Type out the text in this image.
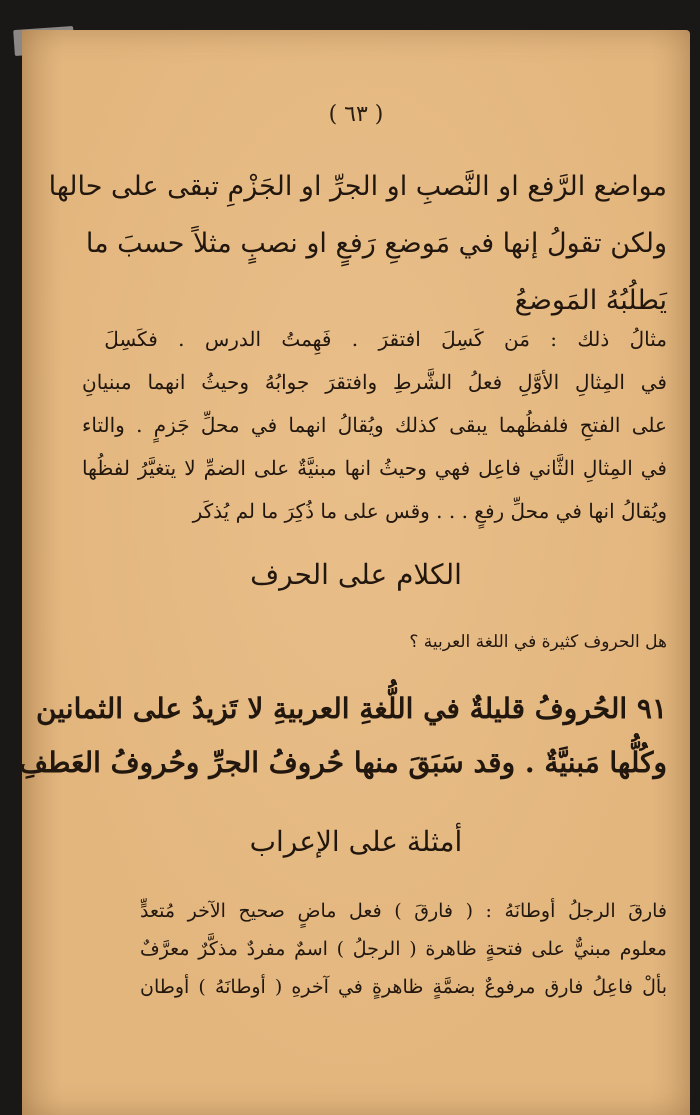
( ٦٣ )
مواضع الرَّفع او النَّصبِ او الجرِّ او الجَزْمِ تبقى على حالها
ولكن تقولُ إنها في مَوضعِ رَفعٍ او نصبٍ مثلاً حسبَ ما
يَطلُبُهُ المَوضعُ
مثالُ ذلك : مَن كَسِلَ افتقرَ . فَهِمتُ الدرس . فكَسِلَ
في المِثالِ الأوَّلِ فعلُ الشَّرطِ وافتقرَ جوابُهُ وحيثُ انهما مبنيانِ
على الفتحِ فلفظُهما يبقى كذلك ويُقالُ انهما في محلِّ جَزمٍ . والتاء
في المِثالِ الثَّاني فاعِل فهي وحيثُ انها مبنيَّةٌ على الضمِّ لا يتغيَّرُ لفظُها
ويُقالُ انها في محلِّ رفعٍ . . . وقس على ما ذُكِرَ ما لم يُذكَر
الكلام على الحرف
هل الحروف كثيرة في اللغة العربية ؟
٩١ الحُروفُ قليلةٌ في اللُّغةِ العربيةِ لا تَزيدُ على الثمانين
وكُلُّها مَبنيَّةٌ . وقد سَبَقَ منها حُروفُ الجرِّ وحُروفُ العَطفِ
أمثلة على الإعراب
فارقَ الرجلُ أوطانَهُ : ( فارقَ ) فعل ماضٍ صحيح الآخر مُتعدٍّ
معلوم مبنيٌّ على فتحةٍ ظاهرة ( الرجلُ ) اسمٌ مفردٌ مذكَّرٌ معرَّفٌ
بألْ فاعِلُ فارق مرفوعٌ بضمَّةٍ ظاهرةٍ في آخرهِ ( أوطانَهُ ) أوطان
